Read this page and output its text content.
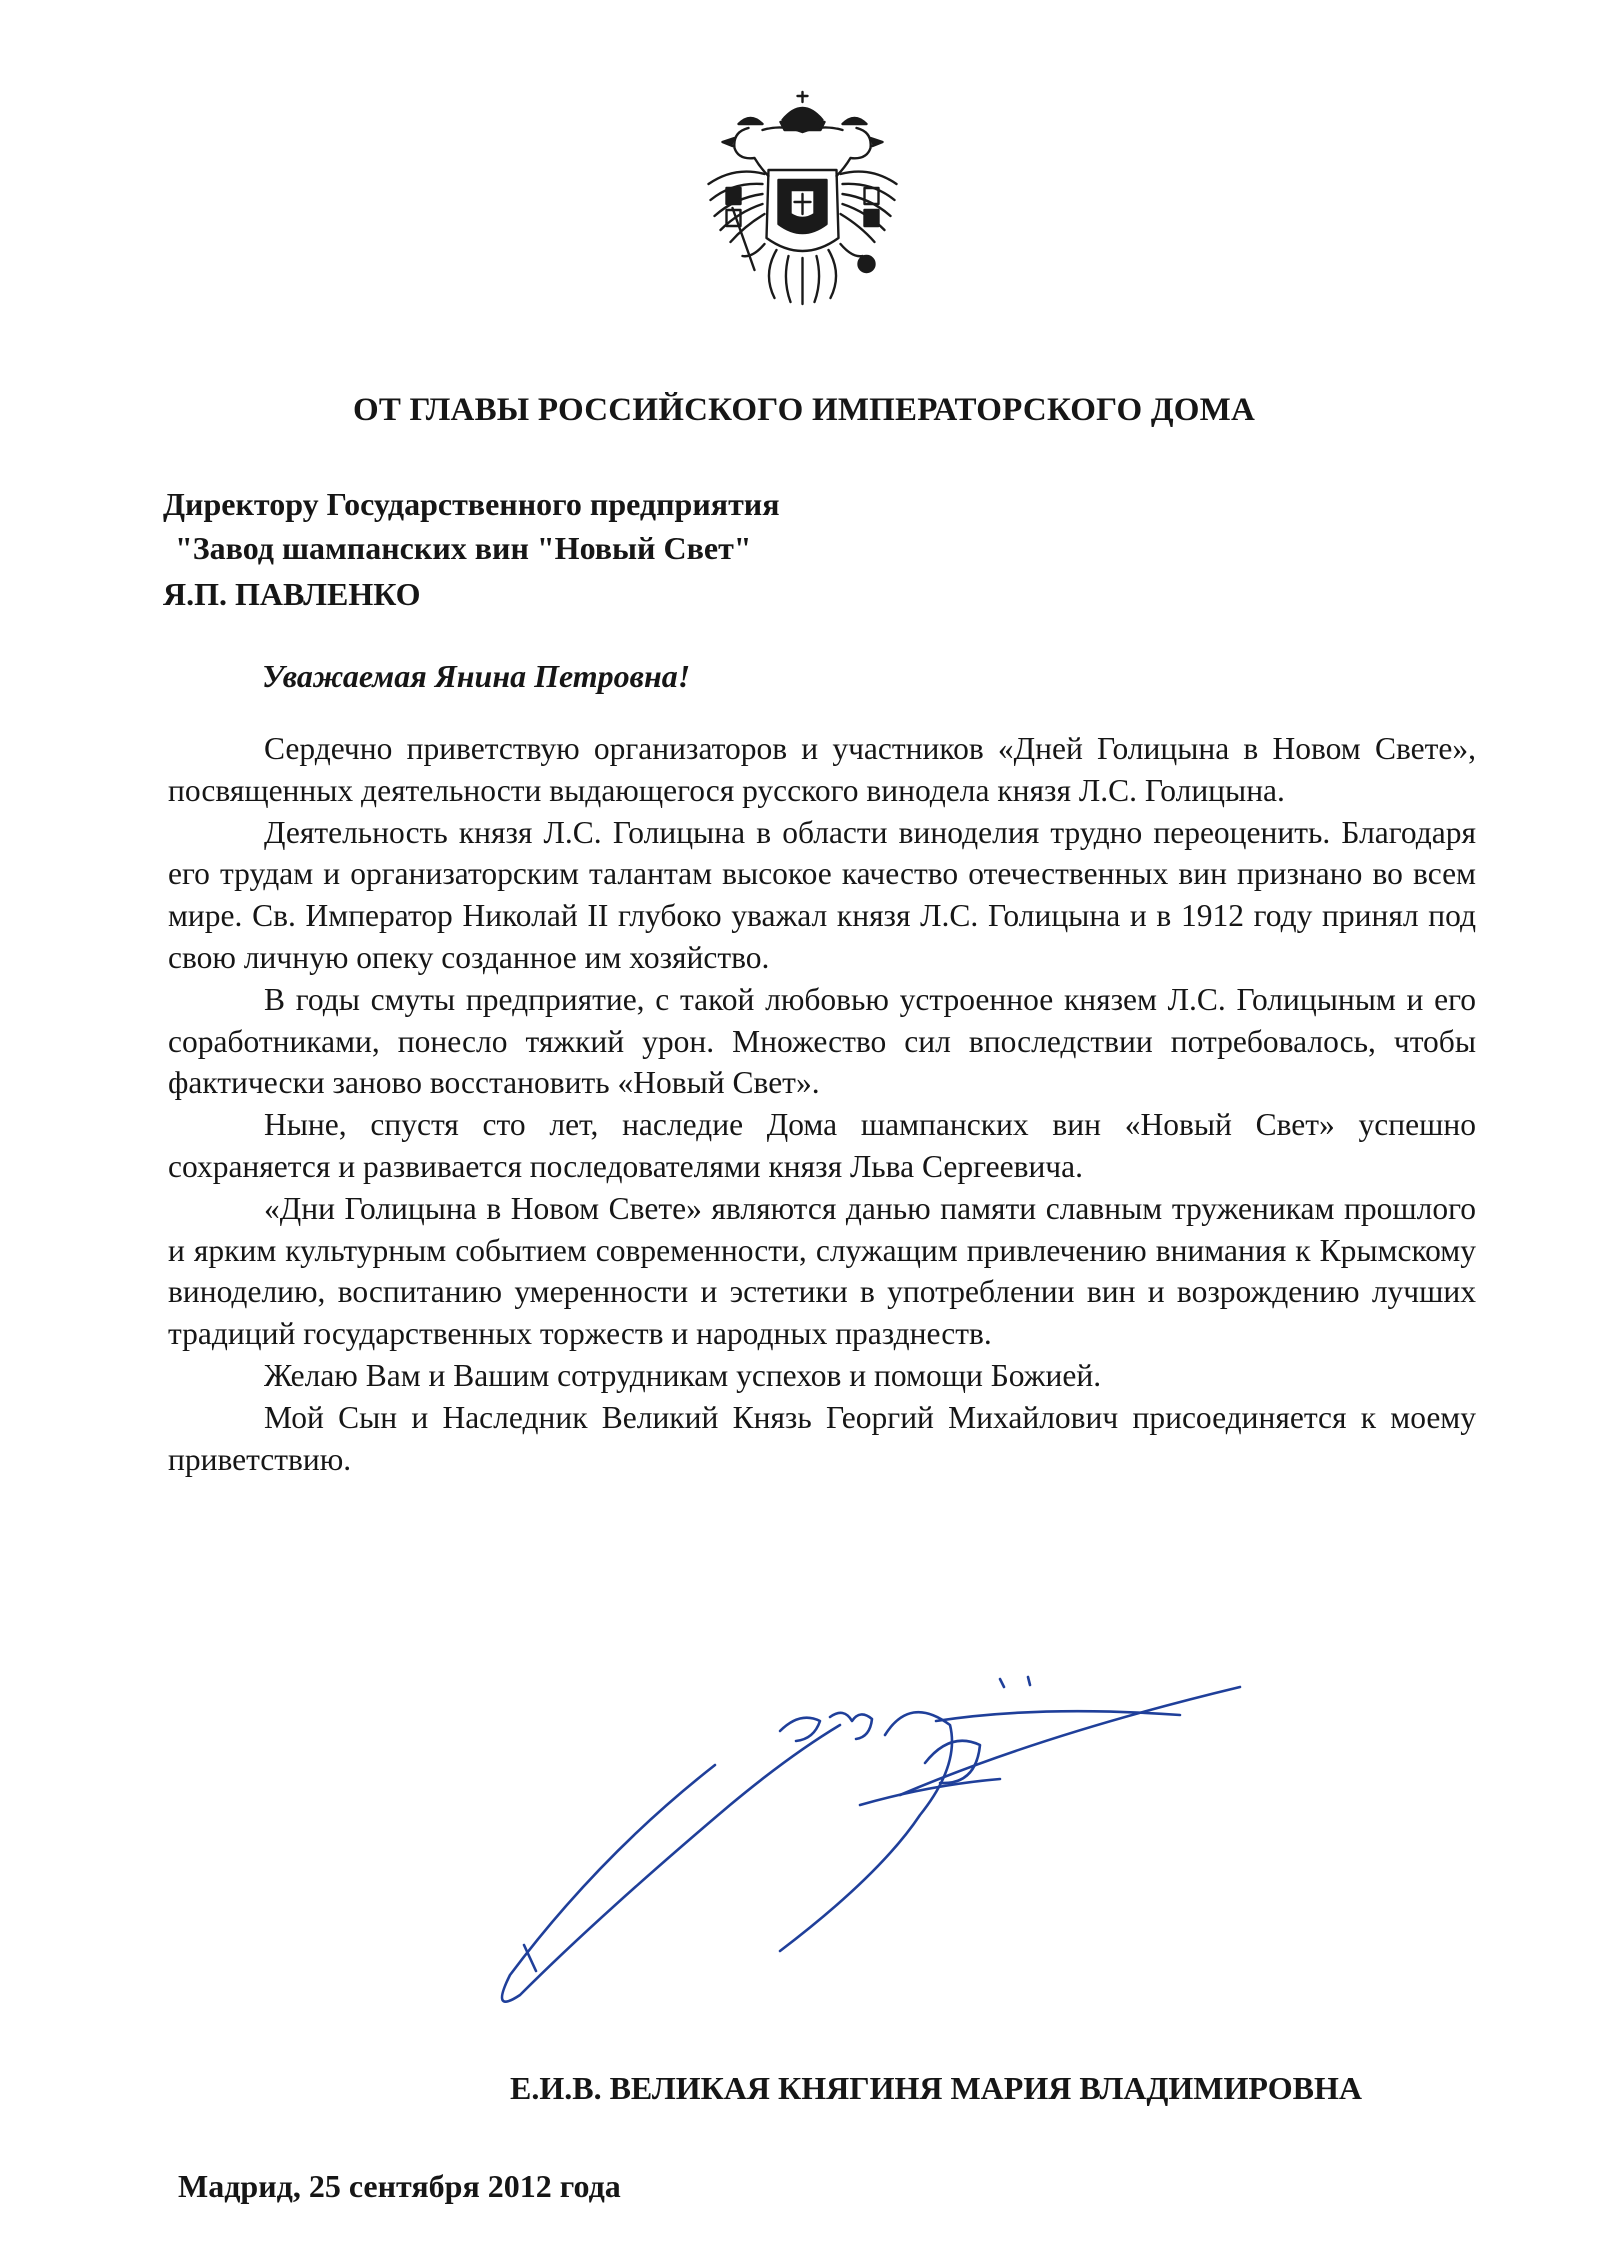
ОТ ГЛАВЫ РОССИЙСКОГО ИМПЕРАТОРСКОГО ДОМА
Директору Государственного предприятия
"Завод шампанских вин "Новый Свет"
Я.П. ПАВЛЕНКО
Уважаемая Янина Петровна!

Сердечно приветствую организаторов и участников «Дней Голицына в Новом Свете», посвященных деятельности выдающегося русского винодела князя Л.С. Голицына.

Деятельность князя Л.С. Голицына в области виноделия трудно переоценить. Благодаря его трудам и организаторским талантам высокое качество отечественных вин признано во всем мире. Св. Император Николай II глубоко уважал князя Л.С. Голицына и в 1912 году принял под свою личную опеку созданное им хозяйство.

В годы смуты предприятие, с такой любовью устроенное князем Л.С. Голицыным и его соработниками, понесло тяжкий урон. Множество сил впоследствии потребовалось, чтобы фактически заново восстановить «Новый Свет».

Ныне, спустя сто лет, наследие Дома шампанских вин «Новый Свет» успешно сохраняется и развивается последователями князя Льва Сергеевича.

«Дни Голицына в Новом Свете» являются данью памяти славным труженикам прошлого и ярким культурным событием современности, служащим привлечению внимания к Крымскому виноделию, воспитанию умеренности и эстетики в употреблении вин и возрождению лучших традиций государственных торжеств и народных празднеств.

Желаю Вам и Вашим сотрудникам успехов и помощи Божией.

Мой Сын и Наследник Великий Князь Георгий Михайлович присоединяется к моему приветствию.

Е.И.В. ВЕЛИКАЯ КНЯГИНЯ МАРИЯ ВЛАДИМИРОВНА
Мадрид, 25 сентября 2012 года
